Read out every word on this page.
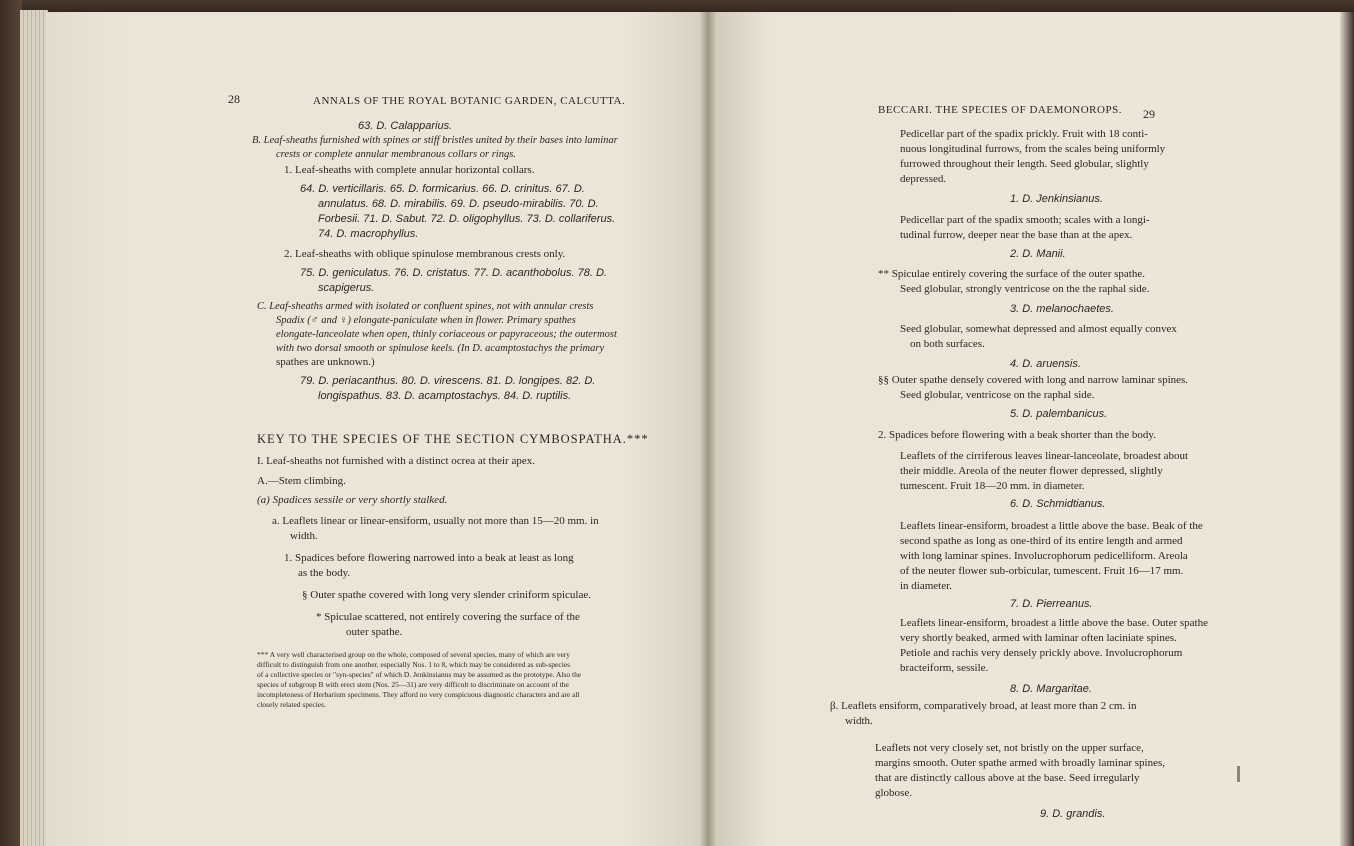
28	ANNALS OF THE ROYAL BOTANIC GARDEN, CALCUTTA.
63. D. Calapparius.
B. Leaf-sheaths furnished with spines or stiff bristles united by their bases into laminar
crests or complete annular membranous collars or rings.
1. Leaf-sheaths with complete annular horizontal collars.
64. D. verticillaris. 65. D. formicarius. 66. D. crinitus. 67. D.
annulatus. 68. D. mirabilis. 69. D. pseudo-mirabilis. 70. D.
Forbesii. 71. D. Sabut. 72. D. oligophyllus. 73. D. collariferus.
74. D. macrophyllus.
2. Leaf-sheaths with oblique spinulose membranous crests only.
75. D. geniculatus. 76. D. cristatus. 77. D. acanthobolus. 78. D.
scapigerus.
C. Leaf-sheaths armed with isolated or confluent spines, not with annular crests
Spadix (♂ and ♀) elongate-paniculate when in flower. Primary spathes
elongate-lanceolate when open, thinly coriaceous or papyraceous; the outermost
with two dorsal smooth or spinulose keels. (In D. acamptostachys the primary
spathes are unknown.)
79. D. periacanthus. 80. D. virescens. 81. D. longipes. 82. D.
longispathus. 83. D. acamptostachys. 84. D. ruptilis.
KEY TO THE SPECIES OF THE SECTION CYMBOSPATHA.***
I. Leaf-sheaths not furnished with a distinct ocrea at their apex.
A.—Stem climbing.
(a) Spadices sessile or very shortly stalked.
a. Leaflets linear or linear-ensiform, usually not more than 15—20 mm. in
width.
1. Spadices before flowering narrowed into a beak at least as long
as the body.
§ Outer spathe covered with long very slender criniform spiculae.
* Spiculae scattered, not entirely covering the surface of the
outer spathe.
*** A very well characterised group on the whole, composed of several species, many of which are very
difficult to distinguish from one another, especially Nos. 1 to 8, which may be considered as sub-species
of a collective species or "syn-species" of which D. Jenkinsianus may be assumed as the prototype. Also the
species of subgroup B with erect stem (Nos. 25—31) are very difficult to discriminate on account of the
incompleteness of Herbarium specimens. They afford no very conspicuous diagnostic characters and are all
closely related species.
BECCARI. THE SPECIES OF DAEMONOROPS. 29
Pedicellar part of the spadix prickly. Fruit with 18 conti-
nuous longitudinal furrows, from the scales being uniformly
furrowed throughout their length. Seed globular, slightly
depressed.
1. D. Jenkinsianus.
Pedicellar part of the spadix smooth; scales with a longi-
tudinal furrow, deeper near the base than at the apex.
2. D. Manii.
** Spiculae entirely covering the surface of the outer spathe.
Seed globular, strongly ventricose on the the raphal side.
3. D. melanochaetes.
Seed globular, somewhat depressed and almost equally convex
on both surfaces.
4. D. aruensis.
§§ Outer spathe densely covered with long and narrow laminar spines.
Seed globular, ventricose on the raphal side.
5. D. palembanicus.
2. Spadices before flowering with a beak shorter than the body.
Leaflets of the cirriferous leaves linear-lanceolate, broadest about
their middle. Areola of the neuter flower depressed, slightly
tumescent. Fruit 18—20 mm. in diameter.
6. D. Schmidtianus.
Leaflets linear-ensiform, broadest a little above the base. Beak of the
second spathe as long as one-third of its entire length and armed
with long laminar spines. Involucrophorum pedicelliform. Areola
of the neuter flower sub-orbicular, tumescent. Fruit 16—17 mm.
in diameter.
7. D. Pierreanus.
Leaflets linear-ensiform, broadest a little above the base. Outer spathe
very shortly beaked, armed with laminar often laciniate spines.
Petiole and rachis very densely prickly above. Involucrophorum
bracteiform, sessile.
8. D. Margaritae.
β. Leaflets ensiform, comparatively broad, at least more than 2 cm. in
width.
Leaflets not very closely set, not bristly on the upper surface,
margins smooth. Outer spathe armed with broadly laminar spines,
that are distinctly callous above at the base. Seed irregularly
globose.
9. D. grandis.
